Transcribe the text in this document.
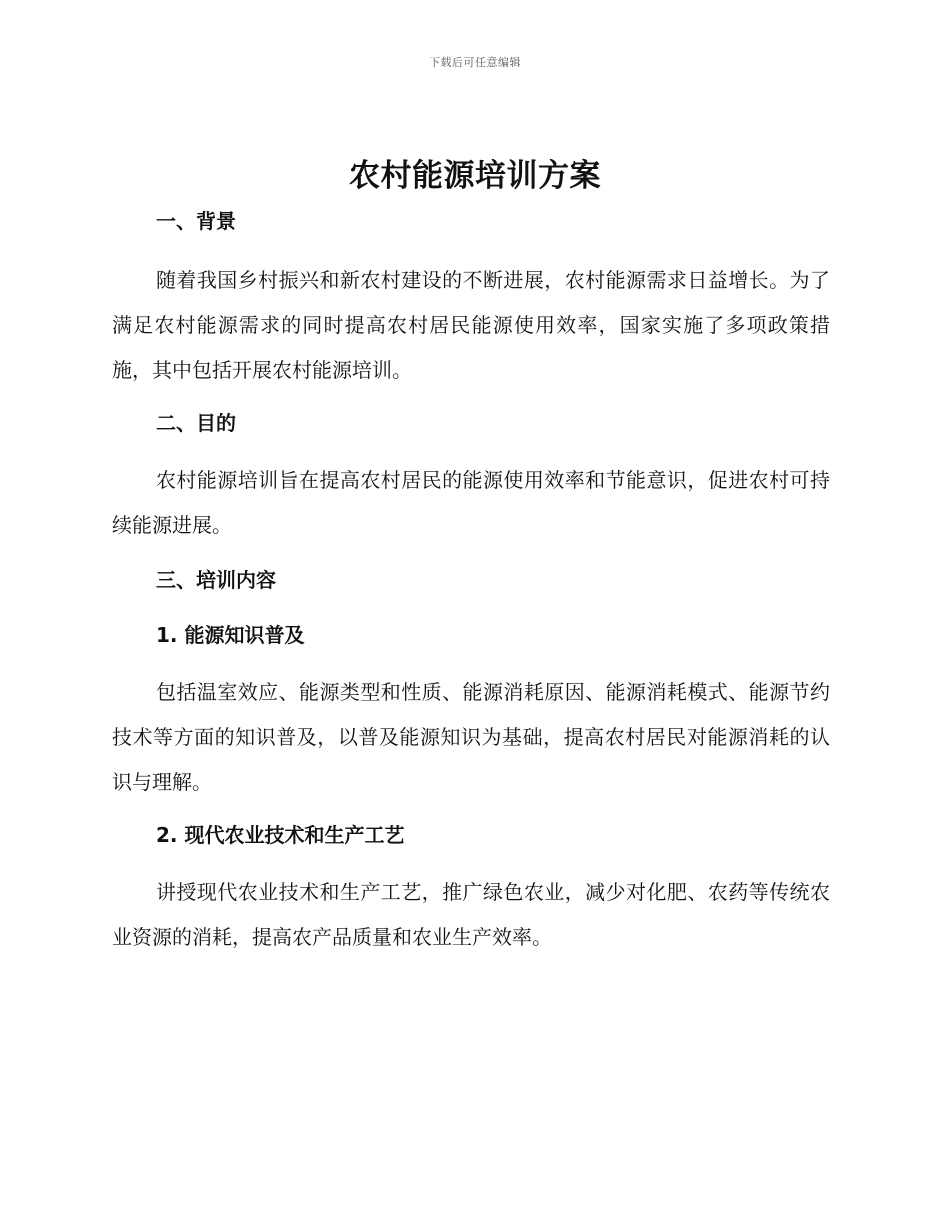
下载后可任意编辑
农村能源培训方案

一、背景

随着我国乡村振兴和新农村建设的不断进展，农村能源需求日益增长。为了满足农村能源需求的同时提高农村居民能源使用效率，国家实施了多项政策措施，其中包括开展农村能源培训。

二、目的

农村能源培训旨在提高农村居民的能源使用效率和节能意识，促进农村可持续能源进展。

三、培训内容

1. 能源知识普及

包括温室效应、能源类型和性质、能源消耗原因、能源消耗模式、能源节约技术等方面的知识普及，以普及能源知识为基础，提高农村居民对能源消耗的认识与理解。

2. 现代农业技术和生产工艺

讲授现代农业技术和生产工艺，推广绿色农业，减少对化肥、农药等传统农业资源的消耗，提高农产品质量和农业生产效率。
